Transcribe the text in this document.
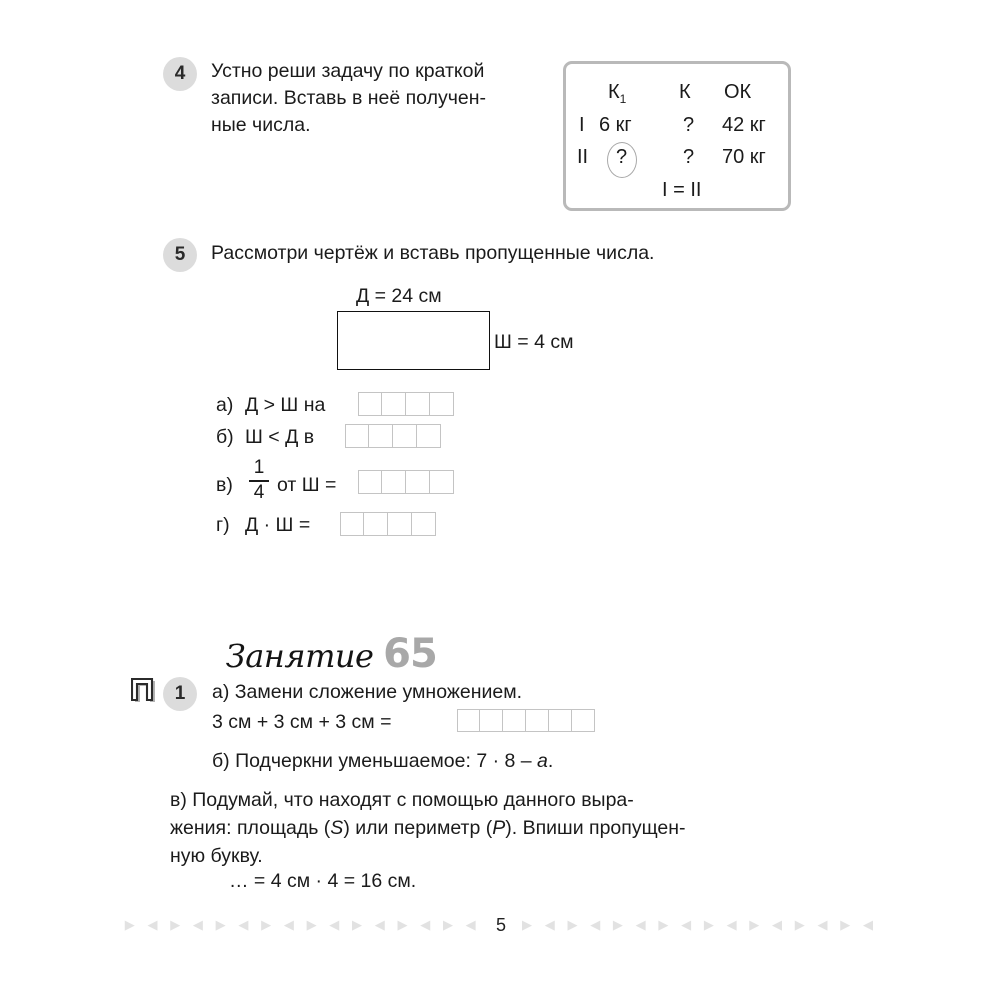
4	Устно реши задачу по краткой
записи. Вставь в неё получен-
ные числа.
$К_1$	К ОК
I 6 кг	? 42 кг
II ?	? 70 кг
I = II
5	Рассмотри чертёж и вставь пропущенные числа.
Д = 24 см
Ш = 4 см
а) Д > Ш на
б) Ш < Д в
в)
1
4 от Ш =
г) Д · Ш =

Занятие 65

1	а) Замени сложение умножением.
3 см + 3 см + 3 см =
б) Подчеркни уменьшаемое: 7 · 8 – a.
в) Подумай, что находят с помощью данного выра-
жения: площадь (S) или периметр (P). Впиши пропущен-
ную букву.
… = 4 см · 4 = 16 см.
▶ ◀ ▶ ◀ ▶ ◀ ▶ ◀ ▶ ◀ ▶ ◀ ▶ ◀ ▶ ◀ 5 ▶ ◀ ▶ ◀ ▶ ◀ ▶ ◀ ▶ ◀ ▶ ◀ ▶ ◀ ▶ ◀
